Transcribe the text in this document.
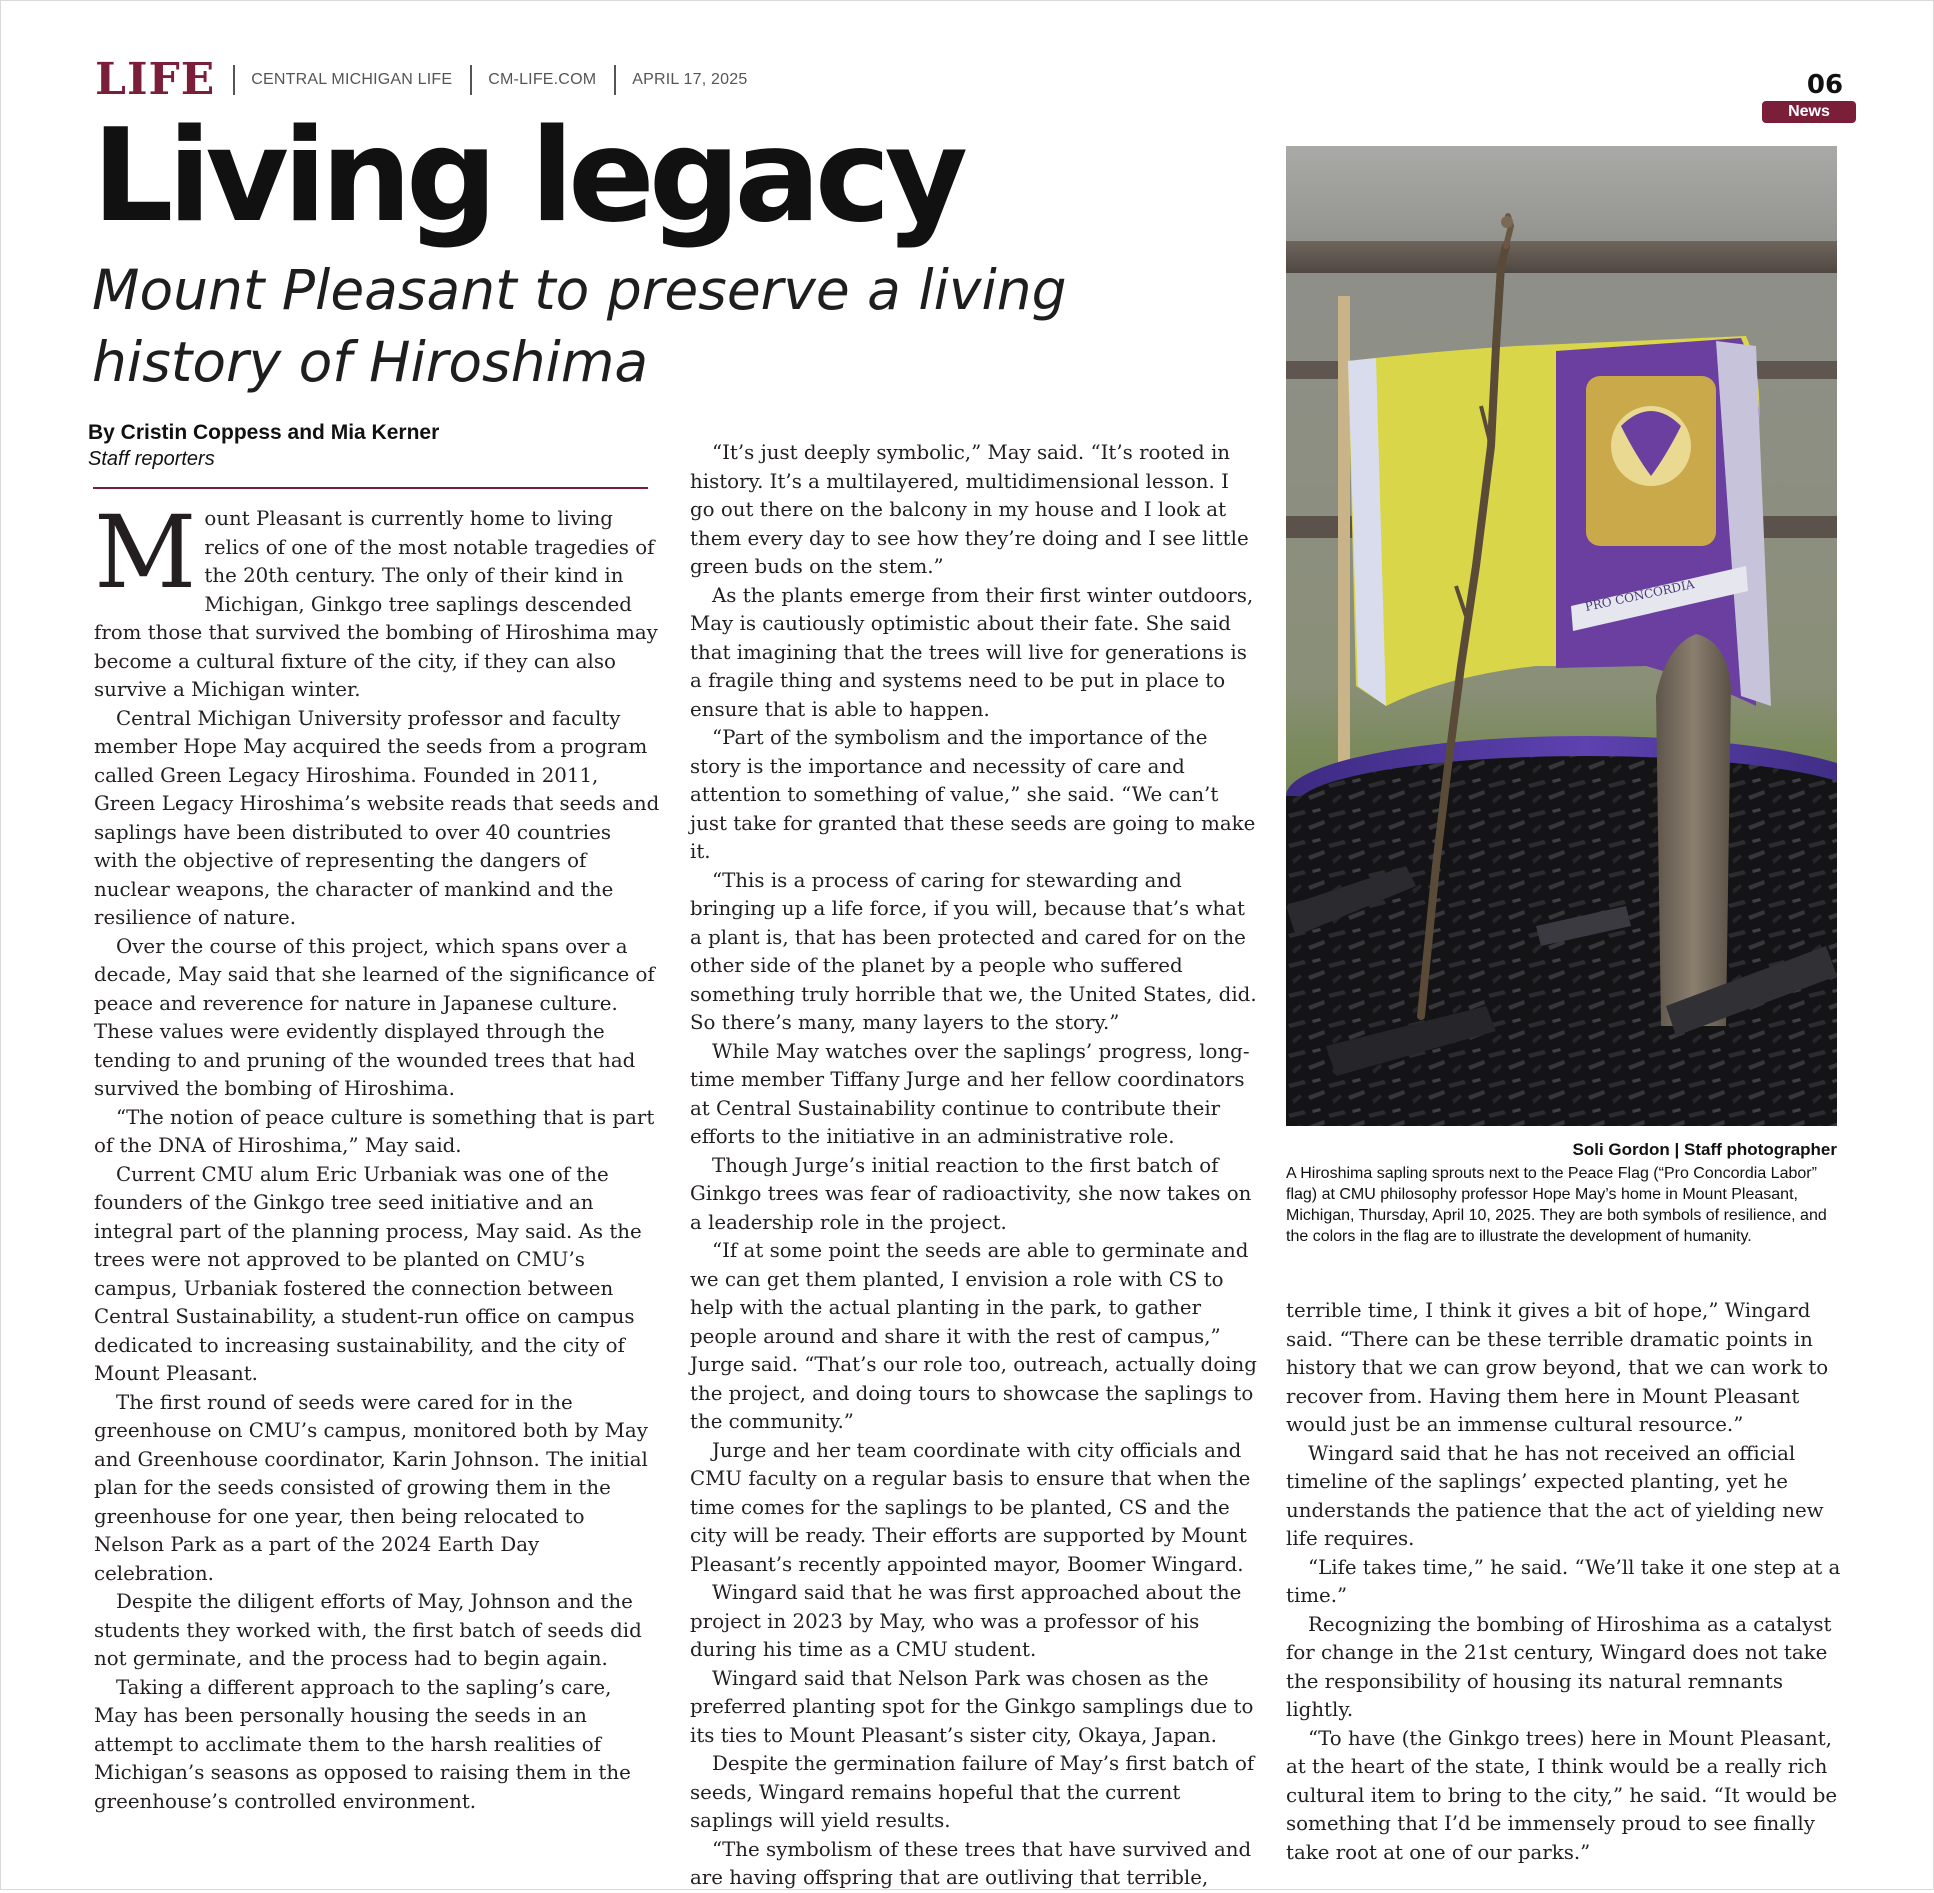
LIFE CENTRAL MICHIGAN LIFE CM-LIFE.COM APRIL 17, 2025	06
News
Living legacy
Mount Pleasant to preserve a living history of Hiroshima
By Cristin Coppess and Mia Kerner
Staff reporters

Mount Pleasant is currently home to living relics of one of the most notable tragedies of the 20th century. The only of their kind in Michigan, Ginkgo tree saplings descended from those that survived the bombing of Hiroshima may become a cultural fixture of the city, if they can also survive a Michigan winter.

Central Michigan University professor and faculty member Hope May acquired the seeds from a program called Green Legacy Hiroshima. Founded in 2011, Green Legacy Hiroshima’s website reads that seeds and saplings have been distributed to over 40 countries with the objective of representing the dangers of nuclear weapons, the character of mankind and the resilience of nature.

Over the course of this project, which spans over a decade, May said that she learned of the significance of peace and reverence for nature in Japanese culture. These values were evidently displayed through the tending to and pruning of the wounded trees that had survived the bombing of Hiroshima.

“The notion of peace culture is something that is part of the DNA of Hiroshima,” May said.

Current CMU alum Eric Urbaniak was one of the founders of the Ginkgo tree seed initiative and an integral part of the planning process, May said. As the trees were not approved to be planted on CMU’s campus, Urbaniak fostered the connection between Central Sustainability, a student-run office on campus dedicated to increasing sustainability, and the city of Mount Pleasant.

The first round of seeds were cared for in the greenhouse on CMU’s campus, monitored both by May and Greenhouse coordinator, Karin Johnson. The initial plan for the seeds consisted of growing them in the greenhouse for one year, then being relocated to Nelson Park as a part of the 2024 Earth Day celebration.

Despite the diligent efforts of May, Johnson and the students they worked with, the first batch of seeds did not germinate, and the process had to begin again.

Taking a different approach to the sapling’s care, May has been personally housing the seeds in an attempt to acclimate them to the harsh realities of Michigan’s seasons as opposed to raising them in the greenhouse’s controlled environment.

“It’s just deeply symbolic,” May said. “It’s rooted in history. It’s a multilayered, multidimensional lesson. I go out there on the balcony in my house and I look at them every day to see how they’re doing and I see little green buds on the stem.”

As the plants emerge from their first winter outdoors, May is cautiously optimistic about their fate. She said that imagining that the trees will live for generations is a fragile thing and systems need to be put in place to ensure that is able to happen.

“Part of the symbolism and the importance of the story is the importance and necessity of care and attention to something of value,” she said. “We can’t just take for granted that these seeds are going to make it.

“This is a process of caring for stewarding and bringing up a life force, if you will, because that’s what a plant is, that has been protected and cared for on the other side of the planet by a people who suffered something truly horrible that we, the United States, did. So there’s many, many layers to the story.”

While May watches over the saplings’ progress, long-time member Tiffany Jurge and her fellow coordinators at Central Sustainability continue to contribute their efforts to the initiative in an administrative role.

Though Jurge’s initial reaction to the first batch of Ginkgo trees was fear of radioactivity, she now takes on a leadership role in the project.

“If at some point the seeds are able to germinate and we can get them planted, I envision a role with CS to help with the actual planting in the park, to gather people around and share it with the rest of campus,” Jurge said. “That’s our role too, outreach, actually doing the project, and doing tours to showcase the saplings to the community.”

Jurge and her team coordinate with city officials and CMU faculty on a regular basis to ensure that when the time comes for the saplings to be planted, CS and the city will be ready. Their efforts are supported by Mount Pleasant’s recently appointed mayor, Boomer Wingard.

Wingard said that he was first approached about the project in 2023 by May, who was a professor of his during his time as a CMU student.

Wingard said that Nelson Park was chosen as the preferred planting spot for the Ginkgo samplings due to its ties to Mount Pleasant’s sister city, Okaya, Japan.

Despite the germination failure of May’s first batch of seeds, Wingard remains hopeful that the current saplings will yield results.

“The symbolism of these trees that have survived and are having offspring that are outliving that terrible,

PRO CONCORDIA
Soli Gordon | Staff photographer
A Hiroshima sapling sprouts next to the Peace Flag (“Pro Concordia Labor” flag) at CMU philosophy professor Hope May’s home in Mount Pleasant, Michigan, Thursday, April 10, 2025. They are both symbols of resilience, and the colors in the flag are to illustrate the development of humanity.

terrible time, I think it gives a bit of hope,” Wingard said. “There can be these terrible dramatic points in history that we can grow beyond, that we can work to recover from. Having them here in Mount Pleasant would just be an immense cultural resource.”

Wingard said that he has not received an official timeline of the saplings’ expected planting, yet he understands the patience that the act of yielding new life requires.

“Life takes time,” he said. “We’ll take it one step at a time.”

Recognizing the bombing of Hiroshima as a catalyst for change in the 21st century, Wingard does not take the responsibility of housing its natural remnants lightly.

“To have (the Ginkgo trees) here in Mount Pleasant, at the heart of the state, I think would be a really rich cultural item to bring to the city,” he said. “It would be something that I’d be immensely proud to see finally take root at one of our parks.”
